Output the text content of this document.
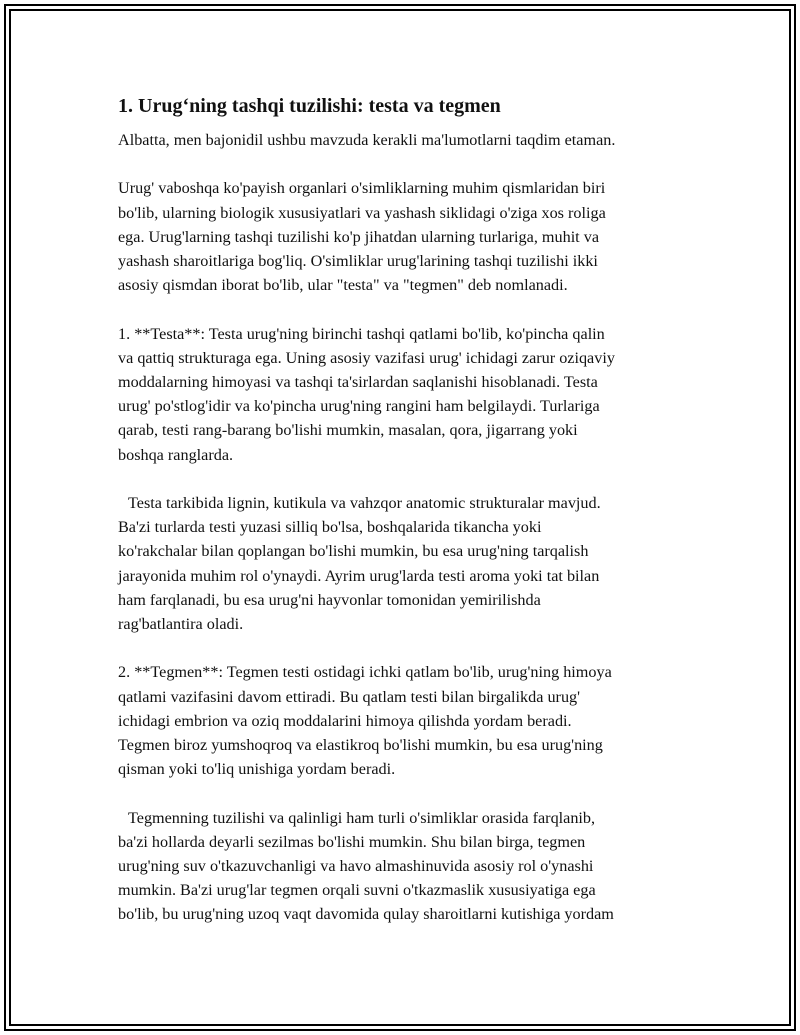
1. Urug‘ning tashqi tuzilishi: testa va tegmen

Albatta, men bajonidil ushbu mavzuda kerakli ma'lumotlarni taqdim etaman.

Urug' vaboshqa ko'payish organlari o'simliklarning muhim qismlaridan biri
bo'lib, ularning biologik xususiyatlari va yashash siklidagi o'ziga xos roliga
ega. Urug'larning tashqi tuzilishi ko'p jihatdan ularning turlariga, muhit va
yashash sharoitlariga bog'liq. O'simliklar urug'larining tashqi tuzilishi ikki
asosiy qismdan iborat bo'lib, ular "testa" va "tegmen" deb nomlanadi.

1. **Testa**: Testa urug'ning birinchi tashqi qatlami bo'lib, ko'pincha qalin
va qattiq strukturaga ega. Uning asosiy vazifasi urug' ichidagi zarur oziqaviy
moddalarning himoyasi va tashqi ta'sirlardan saqlanishi hisoblanadi. Testa
urug' po'stlog'idir va ko'pincha urug'ning rangini ham belgilaydi. Turlariga
qarab, testi rang-barang bo'lishi mumkin, masalan, qora, jigarrang yoki
boshqa ranglarda.

Testa tarkibida lignin, kutikula va vahzqor anatomic strukturalar mavjud.
Ba'zi turlarda testi yuzasi silliq bo'lsa, boshqalarida tikancha yoki
ko'rakchalar bilan qoplangan bo'lishi mumkin, bu esa urug'ning tarqalish
jarayonida muhim rol o'ynaydi. Ayrim urug'larda testi aroma yoki tat bilan
ham farqlanadi, bu esa urug'ni hayvonlar tomonidan yemirilishda
rag'batlantira oladi.

2. **Tegmen**: Tegmen testi ostidagi ichki qatlam bo'lib, urug'ning himoya
qatlami vazifasini davom ettiradi. Bu qatlam testi bilan birgalikda urug'
ichidagi embrion va oziq moddalarini himoya qilishda yordam beradi.
Tegmen biroz yumshoqroq va elastikroq bo'lishi mumkin, bu esa urug'ning
qisman yoki to'liq unishiga yordam beradi.

Tegmenning tuzilishi va qalinligi ham turli o'simliklar orasida farqlanib,
ba'zi hollarda deyarli sezilmas bo'lishi mumkin. Shu bilan birga, tegmen
urug'ning suv o'tkazuvchanligi va havo almashinuvida asosiy rol o'ynashi
mumkin. Ba'zi urug'lar tegmen orqali suvni o'tkazmaslik xususiyatiga ega
bo'lib, bu urug'ning uzoq vaqt davomida qulay sharoitlarni kutishiga yordam
